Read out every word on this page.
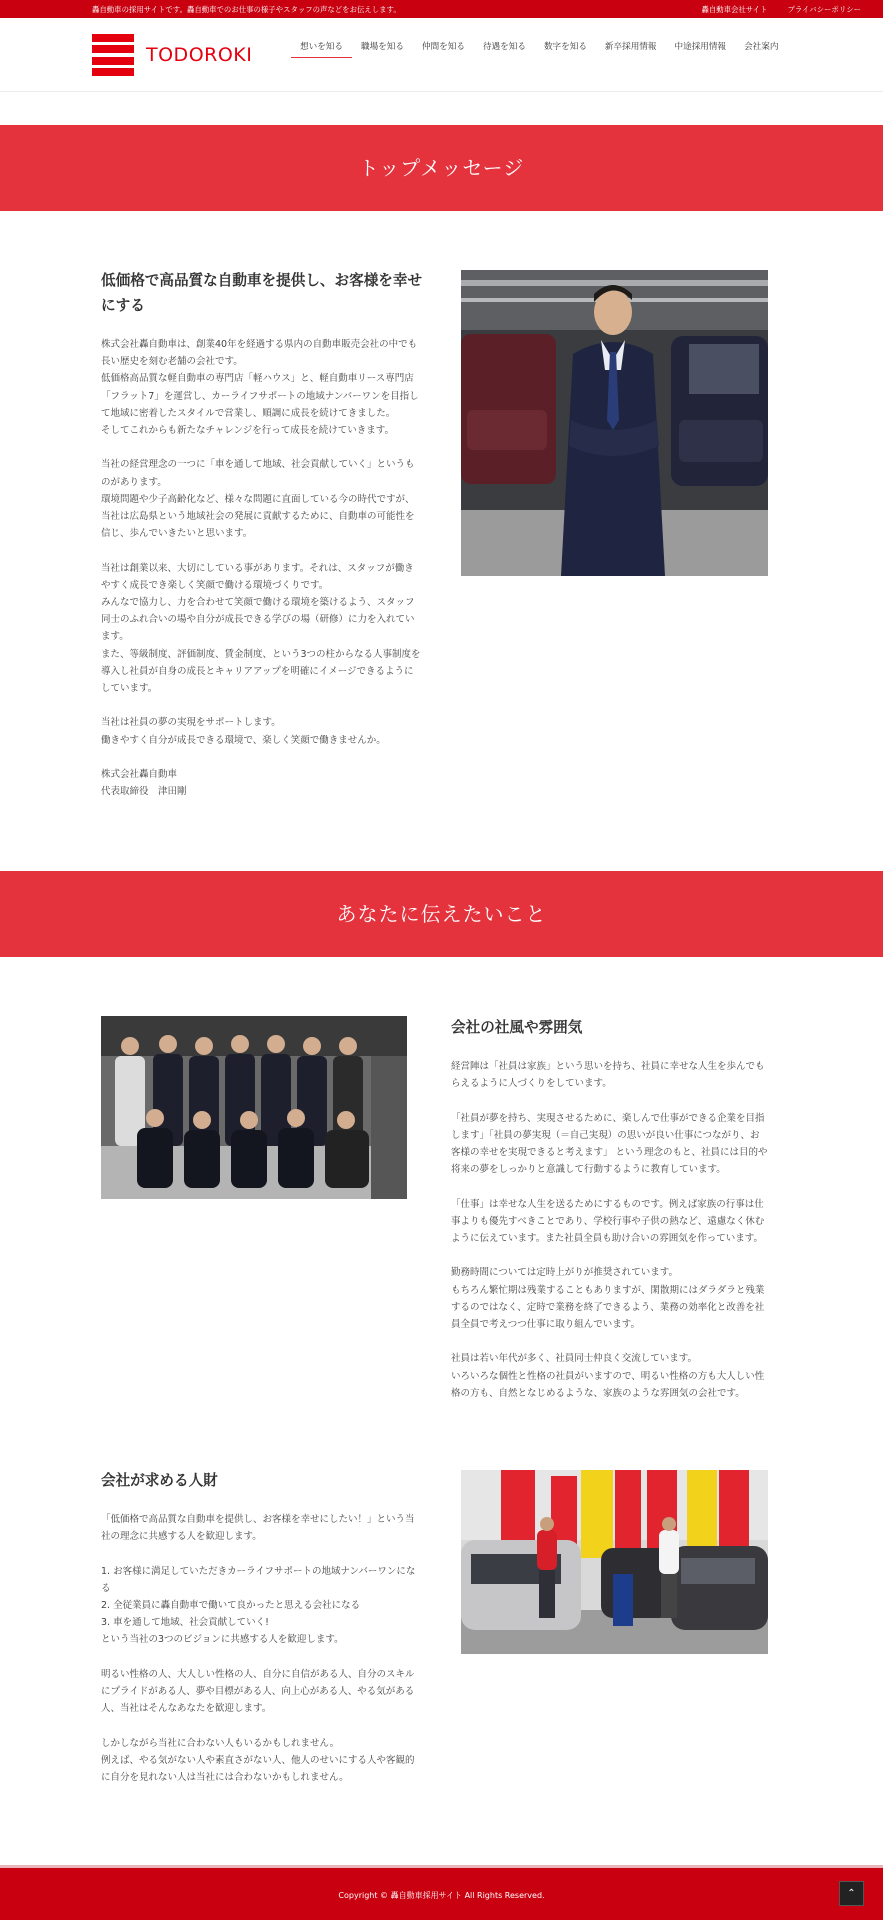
轟自動車の採用サイトです。轟自動車でのお仕事の様子やスタッフの声などをお伝えします。	轟自動車会社サイト	プライバシーポリシー
TODOROKI	想いを知る	職場を知る	仲間を知る	待遇を知る	数字を知る	新卒採用情報	中途採用情報	会社案内
トップメッセージ
低価格で高品質な自動車を提供し、お客様を幸せにする

株式会社轟自動車は、創業40年を経過する県内の自動車販売会社の中でも
長い歴史を刻む老舗の会社です。
低価格高品質な軽自動車の専門店「軽ハウス」と、軽自動車リース専門店
「フラット7」を運営し、カーライフサポートの地域ナンバーワンを目指し
て地域に密着したスタイルで営業し、順調に成長を続けてきました。
そしてこれからも新たなチャレンジを行って成長を続けていきます。

当社の経営理念の一つに「車を通して地域、社会貢献していく」というも
のがあります。
環境問題や少子高齢化など、様々な問題に直面している今の時代ですが、
当社は広島県という地域社会の発展に貢献するために、自動車の可能性を
信じ、歩んでいきたいと思います。

当社は創業以来、大切にしている事があります。それは、スタッフが働き
やすく成長でき楽しく笑顔で働ける環境づくりです。
みんなで協力し、力を合わせて笑顔で働ける環境を築けるよう、スタッフ
同士のふれ合いの場や自分が成長できる学びの場（研修）に力を入れてい
ます。
また、等級制度、評価制度、賃金制度、という3つの柱からなる人事制度を
導入し社員が自身の成長とキャリアアップを明確にイメージできるように
しています。

当社は社員の夢の実現をサポートします。
働きやすく自分が成長できる環境で、楽しく笑顔で働きませんか。

株式会社轟自動車
代表取締役　津田剛

あなたに伝えたいこと
会社の社風や雰囲気

経営陣は「社員は家族」という思いを持ち、社員に幸せな人生を歩んでも
らえるように人づくりをしています。

「社員が夢を持ち、実現させるために、楽しんで仕事ができる企業を目指
します」「社員の夢実現（＝自己実現）の思いが良い仕事につながり、お
客様の幸せを実現できると考えます」 という理念のもと、社員には目的や
将来の夢をしっかりと意識して行動するように教育しています。

「仕事」は幸せな人生を送るためにするものです。例えば家族の行事は仕
事よりも優先すべきことであり、学校行事や子供の熱など、遠慮なく休む
ように伝えています。また社員全員も助け合いの雰囲気を作っています。

勤務時間については定時上がりが推奨されています。
もちろん繁忙期は残業することもありますが、閑散期にはダラダラと残業
するのではなく、定時で業務を終了できるよう、業務の効率化と改善を社
員全員で考えつつ仕事に取り組んでいます。

社員は若い年代が多く、社員同士仲良く交流しています。
いろいろな個性と性格の社員がいますので、明るい性格の方も大人しい性
格の方も、自然となじめるような、家族のような雰囲気の会社です。

会社が求める人財

「低価格で高品質な自動車を提供し、お客様を幸せにしたい！」という当
社の理念に共感する人を歓迎します。

1. お客様に満足していただきカーライフサポートの地域ナンバーワンにな
る
2. 全従業員に轟自動車で働いて良かったと思える会社になる
3. 車を通して地域、社会貢献していく!
という当社の3つのビジョンに共感する人を歓迎します。

明るい性格の人、大人しい性格の人、自分に自信がある人、自分のスキル
にプライドがある人、夢や目標がある人、向上心がある人、やる気がある
人、当社はそんなあなたを歓迎します。

しかしながら当社に合わない人もいるかもしれません。
例えば、やる気がない人や素直さがない人、他人のせいにする人や客観的
に自分を見れない人は当社には合わないかもしれません。

Copyright © 轟自動車採用サイト All Rights Reserved.	⌃
